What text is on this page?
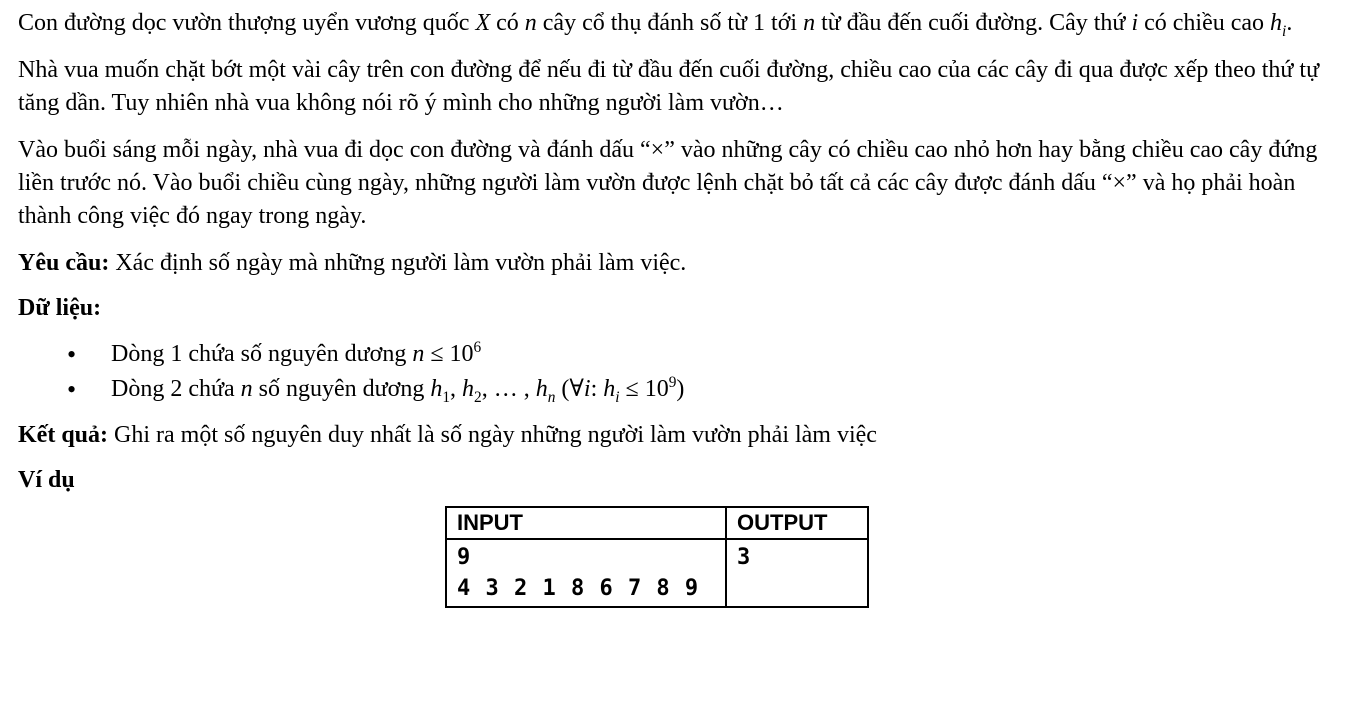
Con đường dọc vườn thượng uyển vương quốc X có n cây cổ thụ đánh số từ 1 tới n từ đầu đến cuối đường. Cây thứ i có chiều cao $h_i$.

Nhà vua muốn chặt bớt một vài cây trên con đường để nếu đi từ đầu đến cuối đường, chiều cao của các cây đi qua được xếp theo thứ tự tăng dần. Tuy nhiên nhà vua không nói rõ ý mình cho những người làm vườn…

Vào buổi sáng mỗi ngày, nhà vua đi dọc con đường và đánh dấu “×” vào những cây có chiều cao nhỏ hơn hay bằng chiều cao cây đứng liền trước nó. Vào buổi chiều cùng ngày, những người làm vườn được lệnh chặt bỏ tất cả các cây được đánh dấu “×” và họ phải hoàn thành công việc đó ngay trong ngày.

Yêu cầu: Xác định số ngày mà những người làm vườn phải làm việc.

Dữ liệu:

• Dòng 1 chứa số nguyên dương $n \le 10^6$
• Dòng 2 chứa n số nguyên dương $h_1$, $h_2$, … , $h_n$ (∀i: $h_i \le 10^9$)

Kết quả: Ghi ra một số nguyên duy nhất là số ngày những người làm vườn phải làm việc

Ví dụ

INPUT	OUTPUT

9
4 3 2 1 8 6 7 8 9	3
